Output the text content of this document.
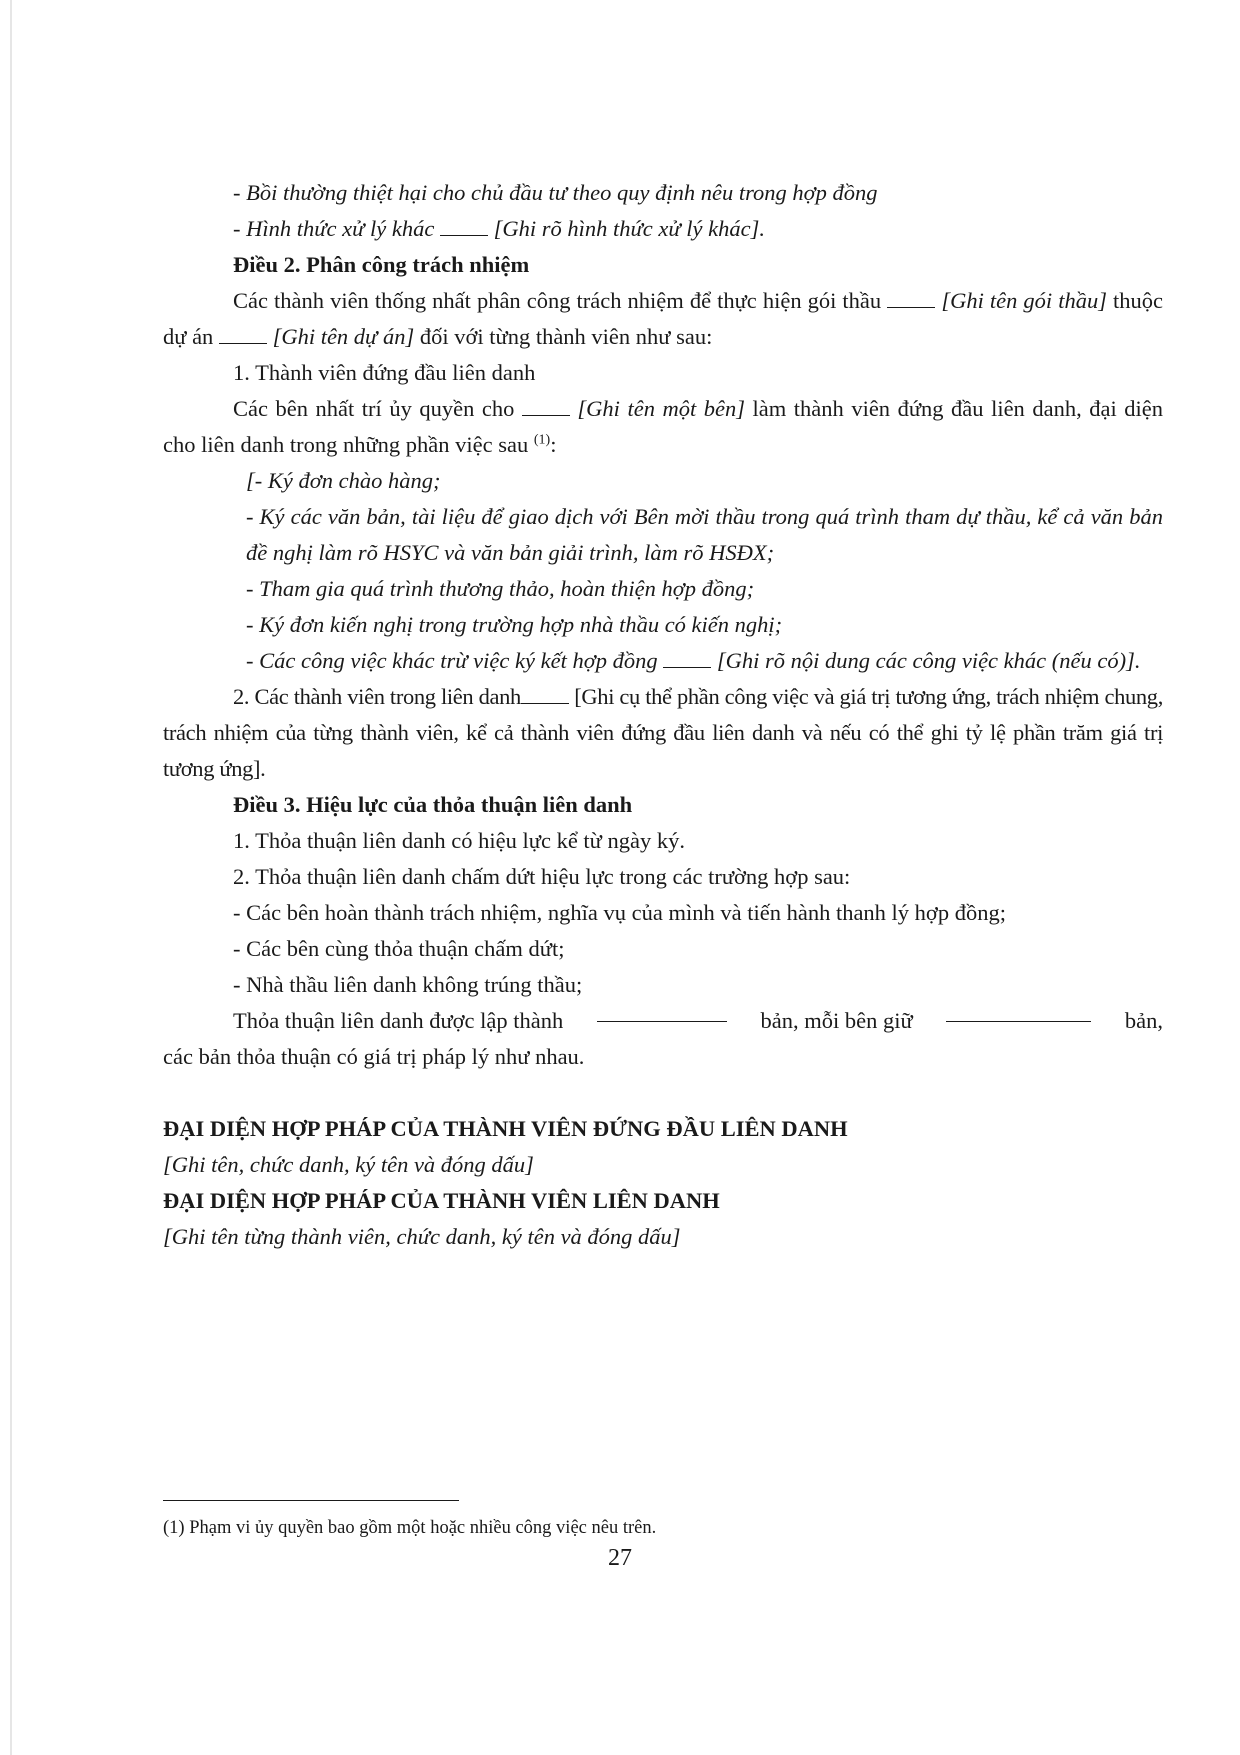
- Bồi thường thiệt hại cho chủ đầu tư theo quy định nêu trong hợp đồng

- Hình thức xử lý khác	[Ghi rõ hình thức xử lý khác].

Điều 2. Phân công trách nhiệm

Các thành viên thống nhất phân công trách nhiệm để thực hiện gói thầu	[Ghi tên gói thầu] thuộc dự án	[Ghi tên dự án] đối với từng thành viên như sau:

1. Thành viên đứng đầu liên danh

Các bên nhất trí ủy quyền cho	[Ghi tên một bên] làm thành viên đứng đầu liên danh, đại diện cho liên danh trong những phần việc sau $^{(1)}$:

[- Ký đơn chào hàng;

- Ký các văn bản, tài liệu để giao dịch với Bên mời thầu trong quá trình tham dự thầu, kể cả văn bản đề nghị làm rõ HSYC và văn bản giải trình, làm rõ HSĐX;

- Tham gia quá trình thương thảo, hoàn thiện hợp đồng;

- Ký đơn kiến nghị trong trường hợp nhà thầu có kiến nghị;

- Các công việc khác trừ việc ký kết hợp đồng	[Ghi rõ nội dung các công việc khác (nếu có)].

2. Các thành viên trong liên danh [Ghi cụ thể phần công việc và giá trị tương ứng, trách nhiệm chung, trách nhiệm của từng thành viên, kể cả thành viên đứng đầu liên danh và nếu có thể ghi tỷ lệ phần trăm giá trị tương ứng].

Điều 3. Hiệu lực của thỏa thuận liên danh

1. Thỏa thuận liên danh có hiệu lực kể từ ngày ký.

2. Thỏa thuận liên danh chấm dứt hiệu lực trong các trường hợp sau:

- Các bên hoàn thành trách nhiệm, nghĩa vụ của mình và tiến hành thanh lý hợp đồng;

- Các bên cùng thỏa thuận chấm dứt;

- Nhà thầu liên danh không trúng thầu;

Thỏa thuận liên danh được lập thành	bản, mỗi bên giữ	bản,

các bản thỏa thuận có giá trị pháp lý như nhau.

ĐẠI DIỆN HỢP PHÁP CỦA THÀNH VIÊN ĐỨNG ĐẦU LIÊN DANH

[Ghi tên, chức danh, ký tên và đóng dấu]

ĐẠI DIỆN HỢP PHÁP CỦA THÀNH VIÊN LIÊN DANH

[Ghi tên từng thành viên, chức danh, ký tên và đóng dấu]

(1) Phạm vi ủy quyền bao gồm một hoặc nhiều công việc nêu trên.
27
